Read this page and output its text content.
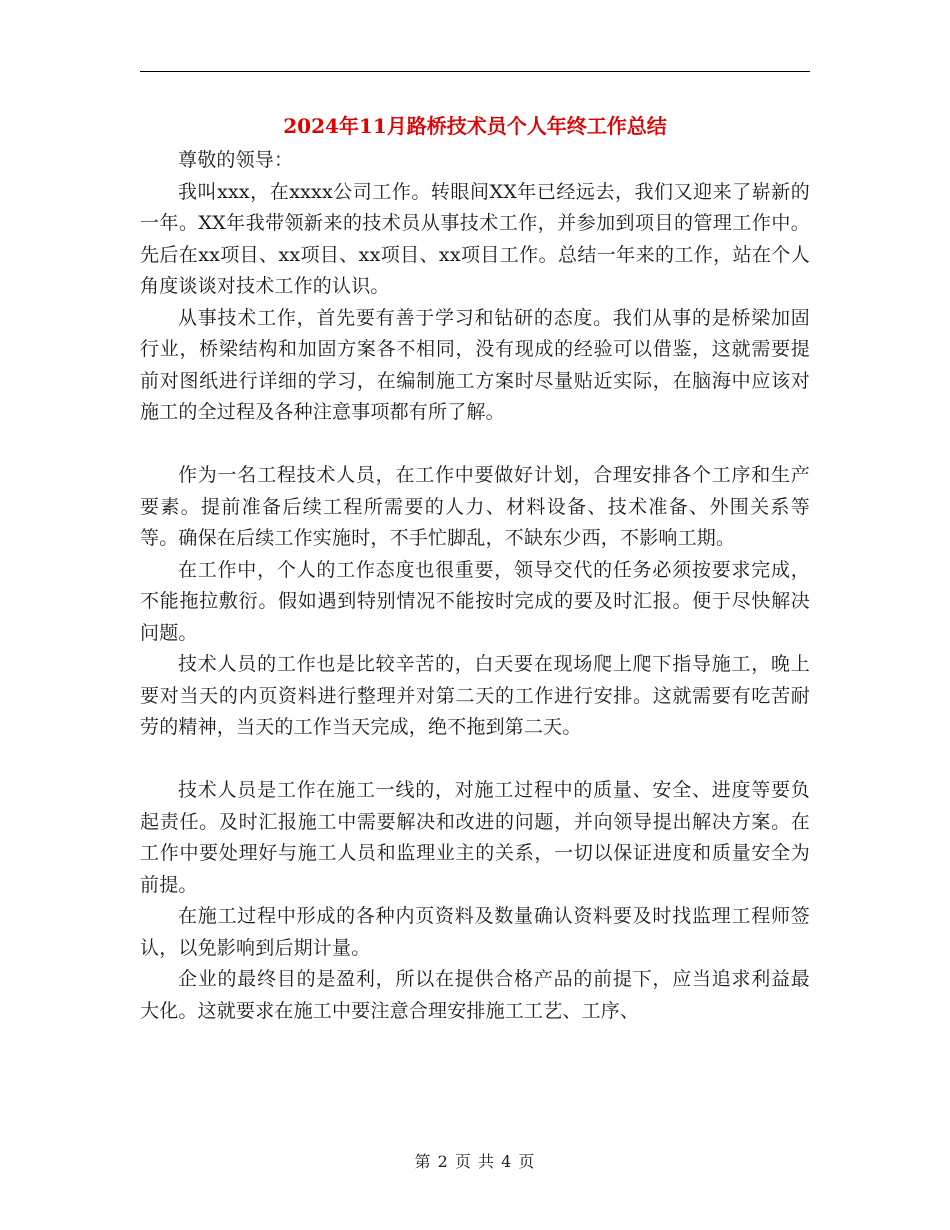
2024年11月路桥技术员个人年终工作总结

尊敬的领导：

我叫xxx，在xxxx公司工作。转眼间XX年已经远去，我们又迎来了崭新的一年。XX年我带领新来的技术员从事技术工作，并参加到项目的管理工作中。先后在xx项目、xx项目、xx项目、xx项目工作。总结一年来的工作，站在个人角度谈谈对技术工作的认识。

从事技术工作，首先要有善于学习和钻研的态度。我们从事的是桥梁加固行业，桥梁结构和加固方案各不相同，没有现成的经验可以借鉴，这就需要提前对图纸进行详细的学习，在编制施工方案时尽量贴近实际，在脑海中应该对施工的全过程及各种注意事项都有所了解。

作为一名工程技术人员，在工作中要做好计划，合理安排各个工序和生产要素。提前准备后续工程所需要的人力、材料设备、技术准备、外围关系等等。确保在后续工作实施时，不手忙脚乱，不缺东少西，不影响工期。

在工作中，个人的工作态度也很重要，领导交代的任务必须按要求完成，不能拖拉敷衍。假如遇到特别情况不能按时完成的要及时汇报。便于尽快解决问题。

技术人员的工作也是比较辛苦的，白天要在现场爬上爬下指导施工，晚上要对当天的内页资料进行整理并对第二天的工作进行安排。这就需要有吃苦耐劳的精神，当天的工作当天完成，绝不拖到第二天。

技术人员是工作在施工一线的，对施工过程中的质量、安全、进度等要负起责任。及时汇报施工中需要解决和改进的问题，并向领导提出解决方案。在工作中要处理好与施工人员和监理业主的关系，一切以保证进度和质量安全为前提。

在施工过程中形成的各种内页资料及数量确认资料要及时找监理工程师签认，以免影响到后期计量。

企业的最终目的是盈利，所以在提供合格产品的前提下，应当追求利益最大化。这就要求在施工中要注意合理安排施工工艺、工序、

第 2 页 共 4 页
